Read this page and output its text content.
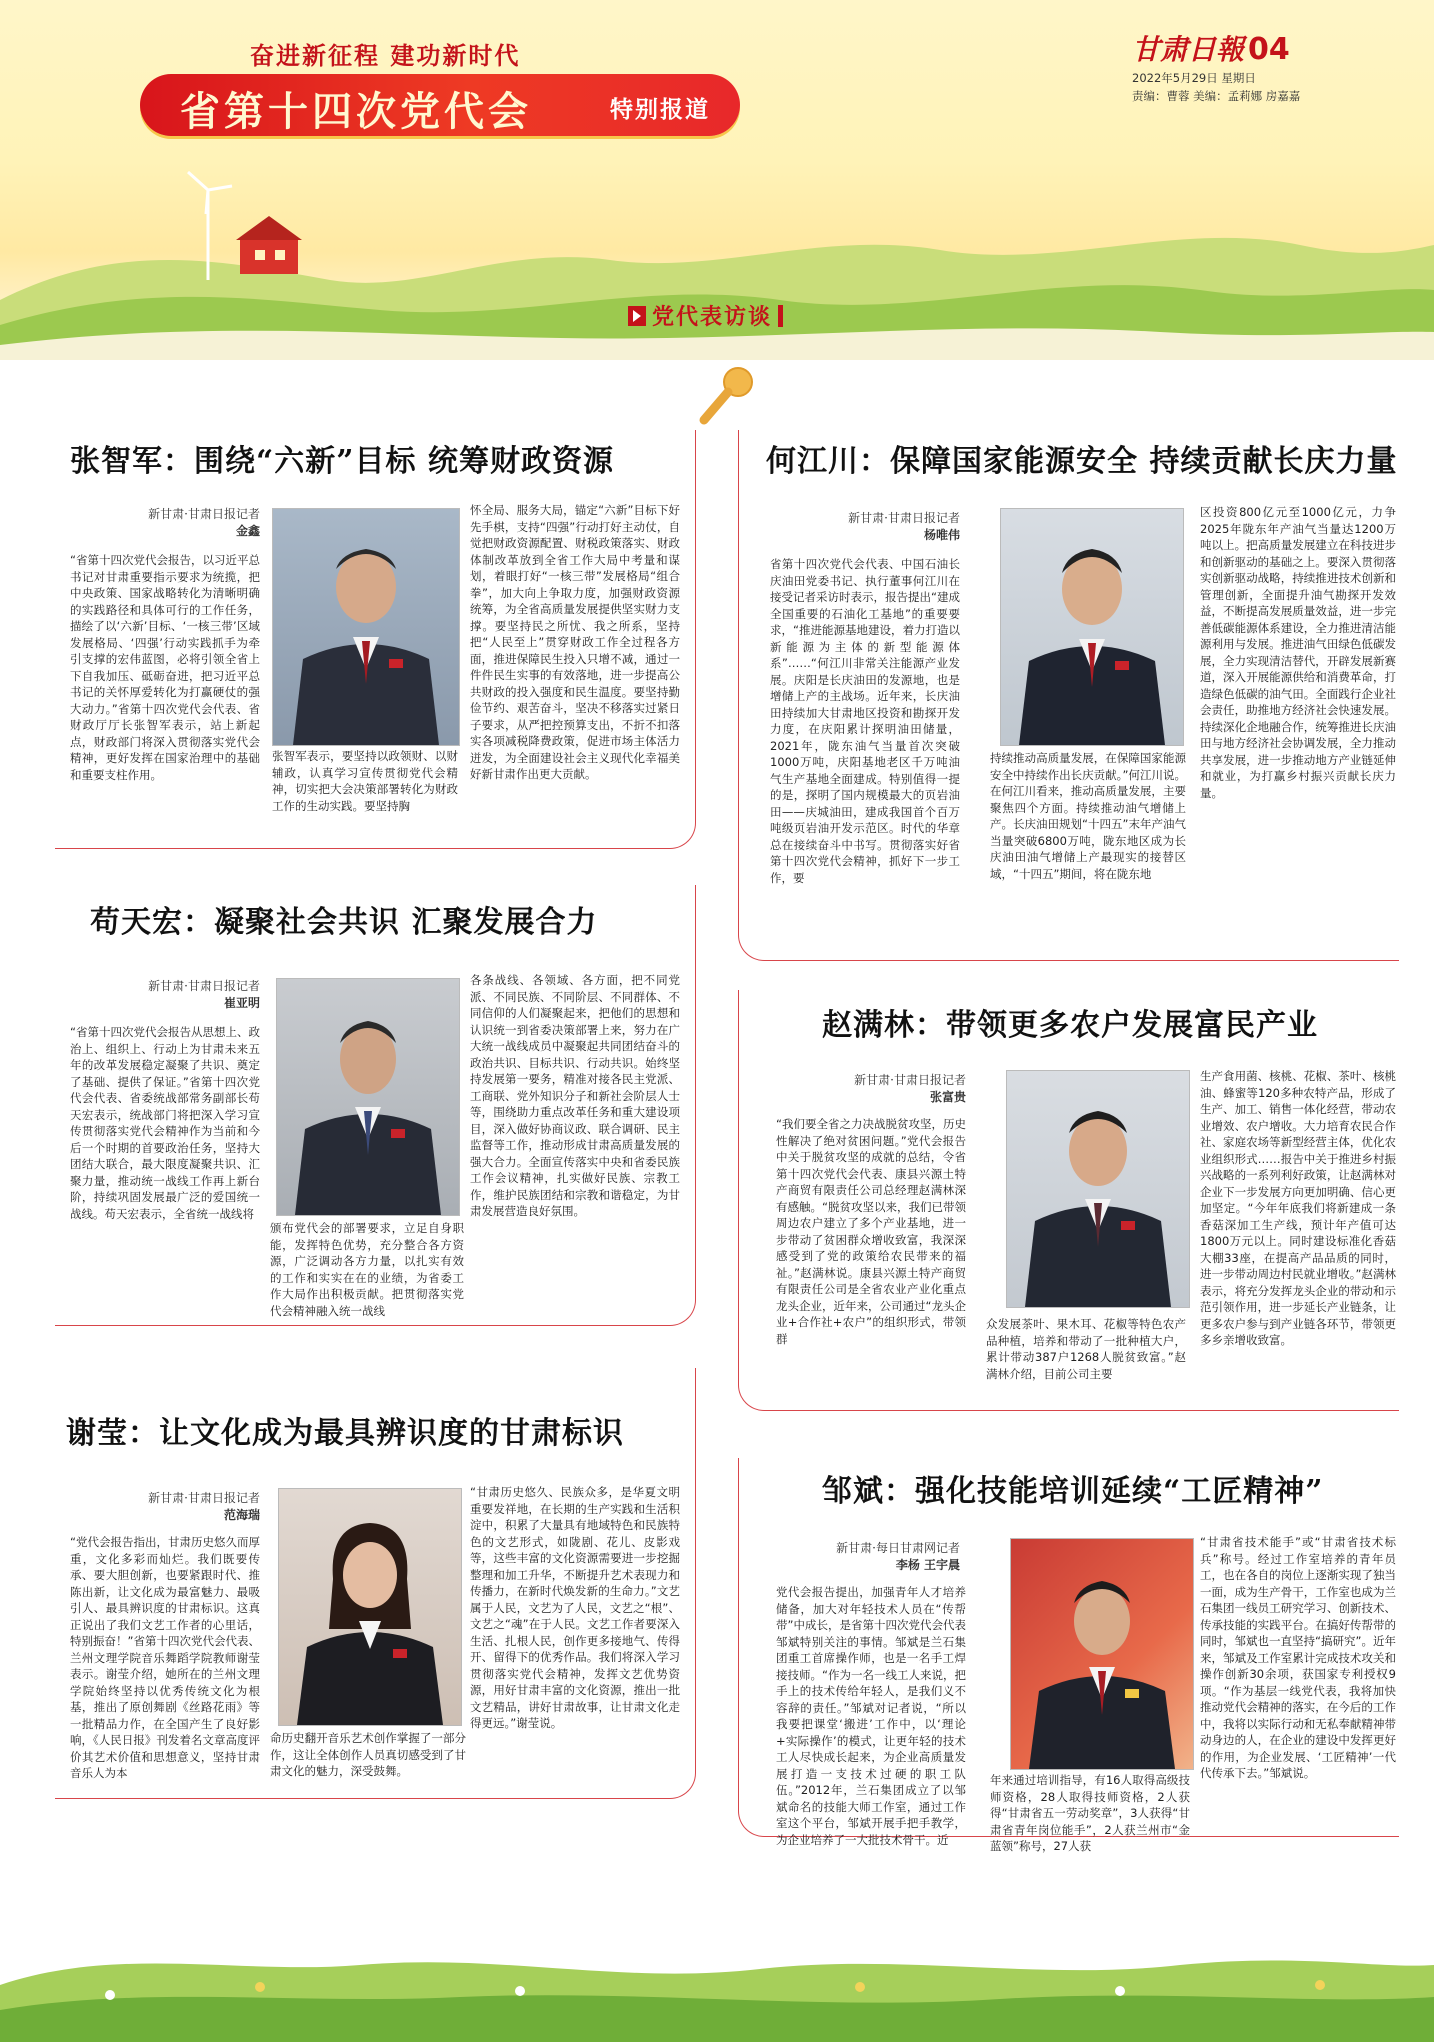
奋进新征程 建功新时代
省第十四次党代会	特别报道
甘肃日報 04
2022年5月29日 星期日
责编：曹蓉 美编：孟莉娜 房嘉嘉
党代表访谈
张智军：围绕“六新”目标 统筹财政资源
新甘肃·甘肃日报记者
金鑫
“省第十四次党代会报告，以习近平总书记对甘肃重要指示要求为统揽，把中央政策、国家战略转化为清晰明确的实践路径和具体可行的工作任务，描绘了以‘六新’目标、‘一核三带’区域发展格局、‘四强’行动实践抓手为牵引支撑的宏伟蓝图，必将引领全省上下自我加压、砥砺奋进，把习近平总书记的关怀厚爱转化为打赢硬仗的强大动力。”省第十四次党代会代表、省财政厅厅长张智军表示，站上新起点，财政部门将深入贯彻落实党代会精神，更好发挥在国家治理中的基础和重要支柱作用。
张智军表示，要坚持以政领财、以财辅政，认真学习宣传贯彻党代会精神，切实把大会决策部署转化为财政工作的生动实践。要坚持胸
怀全局、服务大局，锚定“六新”目标下好先手棋，支持“四强”行动打好主动仗，自觉把财政资源配置、财税政策落实、财政体制改革放到全省工作大局中考量和谋划，着眼打好“一核三带”发展格局“组合拳”，加大向上争取力度，加强财政资源统筹，为全省高质量发展提供坚实财力支撑。要坚持民之所忧、我之所系，坚持把“人民至上”贯穿财政工作全过程各方面，推进保障民生投入只增不减，通过一件件民生实事的有效落地，进一步提高公共财政的投入强度和民生温度。要坚持勤俭节约、艰苦奋斗，坚决不移落实过紧日子要求，从严把控预算支出，不折不扣落实各项减税降费政策，促进市场主体活力迸发，为全面建设社会主义现代化幸福美好新甘肃作出更大贡献。
何江川：保障国家能源安全 持续贡献长庆力量
新甘肃·甘肃日报记者
杨唯伟
省第十四次党代会代表、中国石油长庆油田党委书记、执行董事何江川在接受记者采访时表示，报告提出“建成全国重要的石油化工基地”的重要要求，“推进能源基地建设，着力打造以新能源为主体的新型能源体系”……“何江川非常关注能源产业发展。庆阳是长庆油田的发源地，也是增储上产的主战场。近年来，长庆油田持续加大甘肃地区投资和勘探开发力度，在庆阳累计探明油田储量，2021年，陇东油气当量首次突破1000万吨，庆阳基地老区千万吨油气生产基地全面建成。特别值得一提的是，探明了国内规模最大的页岩油田——庆城油田，建成我国首个百万吨级页岩油开发示范区。时代的华章总在接续奋斗中书写。贯彻落实好省第十四次党代会精神，抓好下一步工作，要
持续推动高质量发展，在保障国家能源安全中持续作出长庆贡献。”何江川说。在何江川看来，推动高质量发展，主要聚焦四个方面。持续推动油气增储上产。长庆油田规划“十四五”末年产油气当量突破6800万吨，陇东地区成为长庆油田油气增储上产最现实的接替区域，“十四五”期间，将在陇东地
区投资800亿元至1000亿元，力争2025年陇东年产油气当量达1200万吨以上。把高质量发展建立在科技进步和创新驱动的基础之上。要深入贯彻落实创新驱动战略，持续推进技术创新和管理创新，全面提升油气勘探开发效益，不断提高发展质量效益，进一步完善低碳能源体系建设，全力推进清洁能源利用与发展。推进油气田绿色低碳发展，全力实现清洁替代，开辟发展新赛道，深入开展能源供给和消费革命，打造绿色低碳的油气田。全面践行企业社会责任，助推地方经济社会快速发展。持续深化企地融合作，统筹推进长庆油田与地方经济社会协调发展，全力推动共享发展，进一步推动地方产业链延伸和就业，为打赢乡村振兴贡献长庆力量。
苟天宏：凝聚社会共识 汇聚发展合力
新甘肃·甘肃日报记者
崔亚明
“省第十四次党代会报告从思想上、政治上、组织上、行动上为甘肃未来五年的改革发展稳定凝聚了共识、奠定了基础、提供了保证。”省第十四次党代会代表、省委统战部常务副部长苟天宏表示，统战部门将把深入学习宣传贯彻落实党代会精神作为当前和今后一个时期的首要政治任务，坚持大团结大联合，最大限度凝聚共识、汇聚力量，推动统一战线工作再上新台阶，持续巩固发展最广泛的爱国统一战线。苟天宏表示，全省统一战线将
颁布党代会的部署要求，立足自身职能，发挥特色优势，充分整合各方资源，广泛调动各方力量，以扎实有效的工作和实实在在的业绩，为省委工作大局作出积极贡献。把贯彻落实党代会精神融入统一战线
各条战线、各领域、各方面，把不同党派、不同民族、不同阶层、不同群体、不同信仰的人们凝聚起来，把他们的思想和认识统一到省委决策部署上来，努力在广大统一战线成员中凝聚起共同团结奋斗的政治共识、目标共识、行动共识。始终坚持发展第一要务，精准对接各民主党派、工商联、党外知识分子和新社会阶层人士等，围绕助力重点改革任务和重大建设项目，深入做好协商议政、联合调研、民主监督等工作，推动形成甘肃高质量发展的强大合力。全面宣传落实中央和省委民族工作会议精神，扎实做好民族、宗教工作，维护民族团结和宗教和谐稳定，为甘肃发展营造良好氛围。
赵满林：带领更多农户发展富民产业
新甘肃·甘肃日报记者
张富贵
“我们要全省之力决战脱贫攻坚，历史性解决了绝对贫困问题。”党代会报告中关于脱贫攻坚的成就的总结，令省第十四次党代会代表、康县兴源土特产商贸有限责任公司总经理赵满林深有感触。“脱贫攻坚以来，我们已带领周边农户建立了多个产业基地，进一步带动了贫困群众增收致富，我深深感受到了党的政策给农民带来的福祉。”赵满林说。康县兴源土特产商贸有限责任公司是全省农业产业化重点龙头企业，近年来，公司通过“龙头企业+合作社+农户”的组织形式，带领群
众发展茶叶、果木耳、花椒等特色农产品种植，培养和带动了一批种植大户，累计带动387户1268人脱贫致富。”赵满林介绍，目前公司主要
生产食用菌、核桃、花椒、茶叶、核桃油、蜂蜜等120多种农特产品，形成了生产、加工、销售一体化经营，带动农业增效、农户增收。大力培育农民合作社、家庭农场等新型经营主体，优化农业组织形式……报告中关于推进乡村振兴战略的一系列利好政策，让赵满林对企业下一步发展方向更加明确、信心更加坚定。“今年年底我们将新建成一条香菇深加工生产线，预计年产值可达1800万元以上。同时建设标准化香菇大棚33座，在提高产品品质的同时，进一步带动周边村民就业增收。”赵满林表示，将充分发挥龙头企业的带动和示范引领作用，进一步延长产业链条，让更多农户参与到产业链各环节，带领更多乡亲增收致富。
谢莹：让文化成为最具辨识度的甘肃标识
新甘肃·甘肃日报记者
范海瑞
“党代会报告指出，甘肃历史悠久而厚重，文化多彩而灿烂。我们既要传承、要大胆创新，也要紧跟时代、推陈出新，让文化成为最富魅力、最吸引人、最具辨识度的甘肃标识。这真正说出了我们文艺工作者的心里话，特别振奋！”省第十四次党代会代表、兰州文理学院音乐舞蹈学院教师谢莹表示。谢莹介绍，她所在的兰州文理学院始终坚持以优秀传统文化为根基，推出了原创舞剧《丝路花雨》等一批精品力作，在全国产生了良好影响，《人民日报》刊发着名文章高度评价其艺术价值和思想意义，坚持甘肃音乐人为本
命历史翻开音乐艺术创作掌握了一部分作，这让全体创作人员真切感受到了甘肃文化的魅力，深受鼓舞。
“甘肃历史悠久、民族众多，是华夏文明重要发祥地，在长期的生产实践和生活积淀中，积累了大量具有地域特色和民族特色的文艺形式，如陇剧、花儿、皮影戏等，这些丰富的文化资源需要进一步挖掘整理和加工升华，不断提升艺术表现力和传播力，在新时代焕发新的生命力。”文艺属于人民，文艺为了人民，文艺之“根”、文艺之“魂”在于人民。文艺工作者要深入生活、扎根人民，创作更多接地气、传得开、留得下的优秀作品。我们将深入学习贯彻落实党代会精神，发挥文艺优势资源，用好甘肃丰富的文化资源，推出一批文艺精品，讲好甘肃故事，让甘肃文化走得更远。”谢莹说。
邹斌：强化技能培训延续“工匠精神”
新甘肃·每日甘肃网记者
李杨 王宇晨
党代会报告提出，加强青年人才培养储备，加大对年轻技术人员在“传帮带”中成长，是省第十四次党代会代表邹斌特别关注的事情。邹斌是兰石集团重工首席操作师，也是一名手工焊接技师。“作为一名一线工人来说，把手上的技术传给年轻人，是我们义不容辞的责任。”邹斌对记者说，“所以我要把课堂‘搬进’工作中，以‘理论+实际操作’的模式，让更年轻的技术工人尽快成长起来，为企业高质量发展打造一支技术过硬的职工队伍。”2012年，兰石集团成立了以邹斌命名的技能大师工作室，通过工作室这个平台，邹斌开展手把手教学，为企业培养了一大批技术骨干。近
年来通过培训指导，有16人取得高级技师资格，28人取得技师资格，2人获得“甘肃省五一劳动奖章”，3人获得“甘肃省青年岗位能手”，2人获兰州市“金蓝领”称号，27人获
“甘肃省技术能手”或“甘肃省技术标兵”称号。经过工作室培养的青年员工，也在各自的岗位上逐渐实现了独当一面，成为生产骨干，工作室也成为兰石集团一线员工研究学习、创新技术、传承技能的实践平台。在搞好传帮带的同时，邹斌也一直坚持“搞研究”。近年来，邹斌及工作室累计完成技术攻关和操作创新30余项，获国家专利授权9项。“作为基层一线党代表，我将加快推动党代会精神的落实，在今后的工作中，我将以实际行动和无私奉献精神带动身边的人，在企业的建设中发挥更好的作用，为企业发展、‘工匠精神’一代代传承下去。”邹斌说。
